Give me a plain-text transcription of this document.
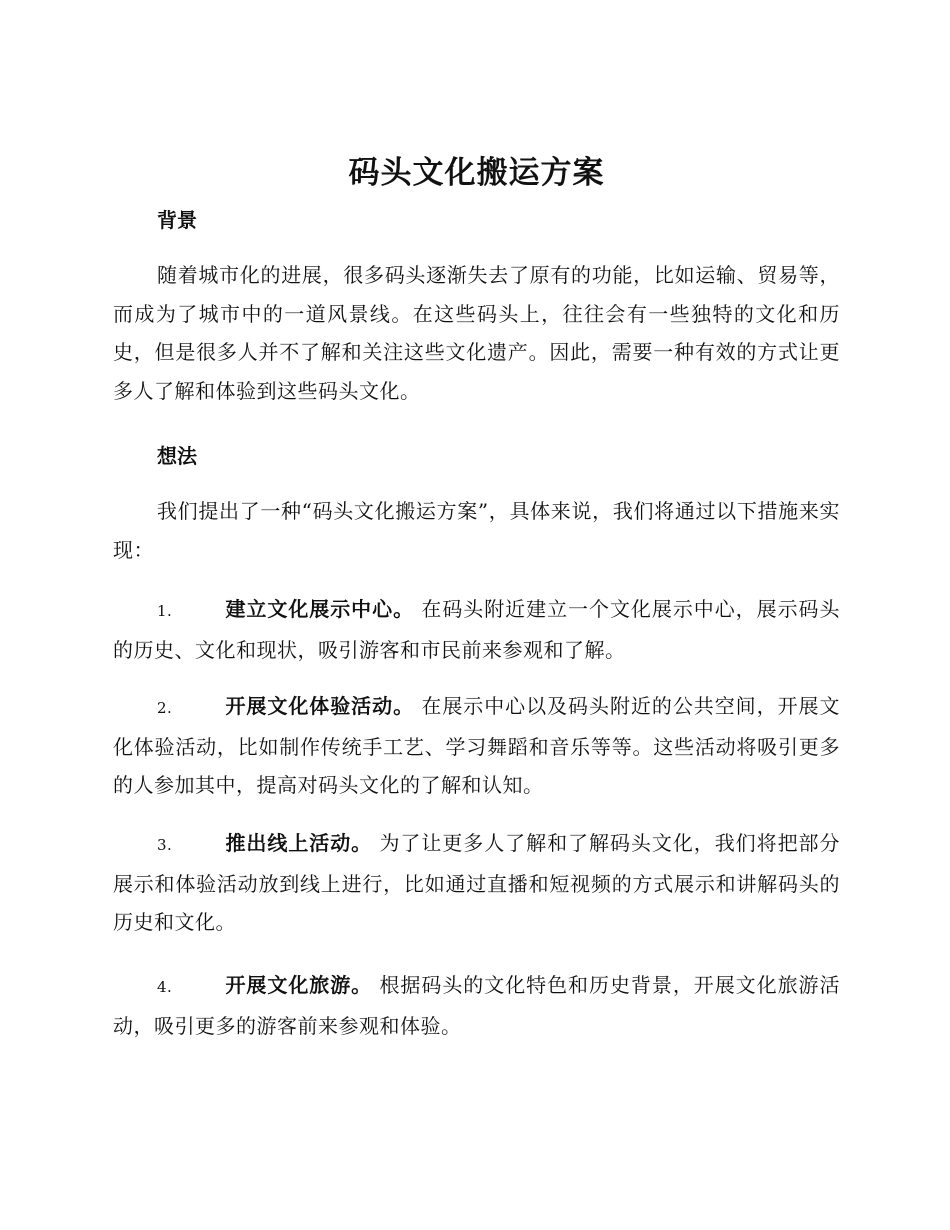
码头文化搬运方案
背景

随着城市化的进展，很多码头逐渐失去了原有的功能，比如运输、贸易等，而成为了城市中的一道风景线。在这些码头上，往往会有一些独特的文化和历史，但是很多人并不了解和关注这些文化遗产。因此，需要一种有效的方式让更多人了解和体验到这些码头文化。

想法

我们提出了一种“码头文化搬运方案”，具体来说，我们将通过以下措施来实现：

1.	建立文化展示中心。 在码头附近建立一个文化展示中心，展示码头的历史、文化和现状，吸引游客和市民前来参观和了解。

2.	开展文化体验活动。 在展示中心以及码头附近的公共空间，开展文化体验活动，比如制作传统手工艺、学习舞蹈和音乐等等。这些活动将吸引更多的人参加其中，提高对码头文化的了解和认知。

3.	推出线上活动。 为了让更多人了解和了解码头文化，我们将把部分展示和体验活动放到线上进行，比如通过直播和短视频的方式展示和讲解码头的历史和文化。

4.	开展文化旅游。 根据码头的文化特色和历史背景，开展文化旅游活动，吸引更多的游客前来参观和体验。
